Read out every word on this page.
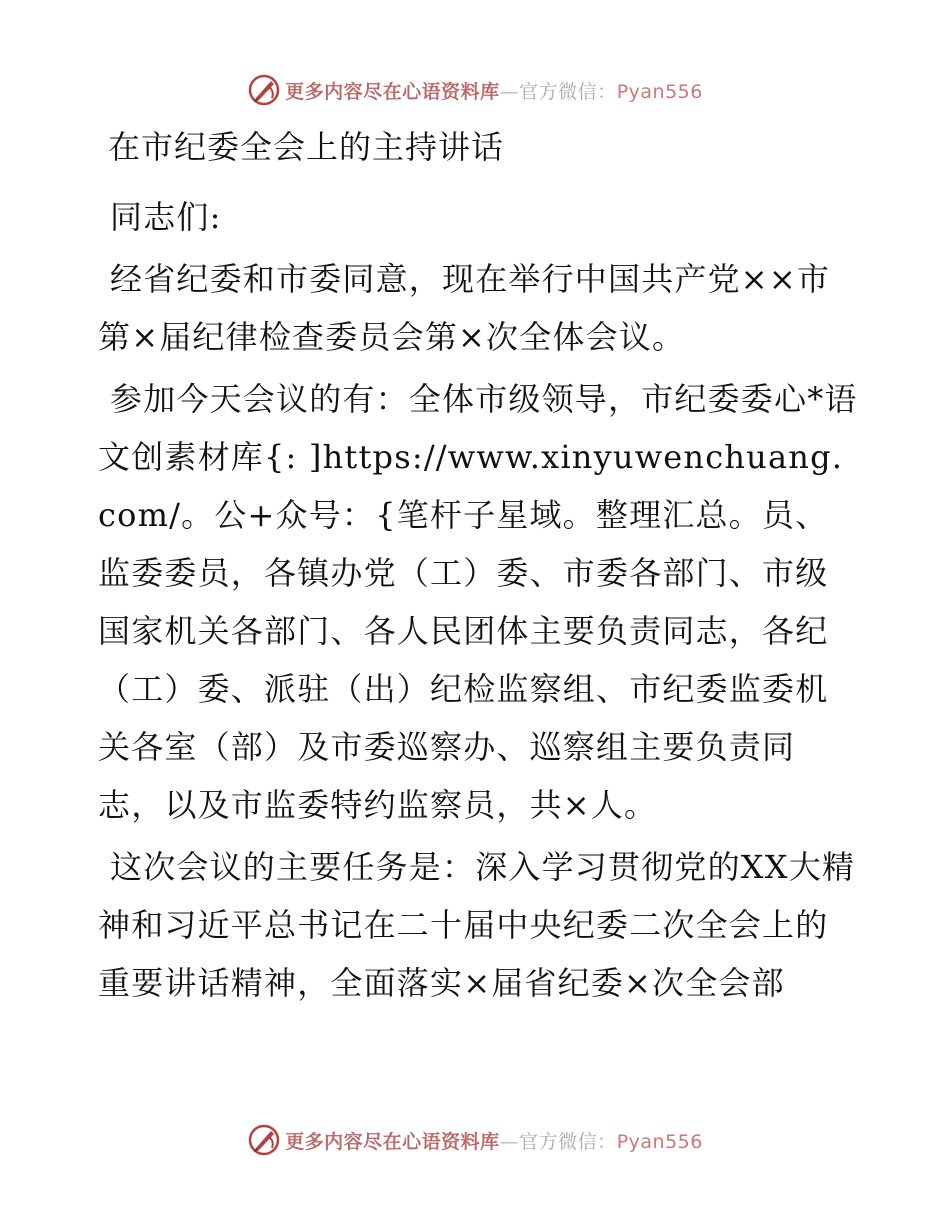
更多内容尽在心语资料库—官方微信：Pyan556
在市纪委全会上的主持讲话

同志们:

经省纪委和市委同意，现在举行中国共产党××市第×届纪律检查委员会第×次全体会议。

参加今天会议的有：全体市级领导，市纪委委心*语文创素材库{: ]https://www.xinyuwenchuang.com/。公+众号：{笔杆子星域。整理汇总。员、监委委员，各镇办党（工）委、市委各部门、市级国家机关各部门、各人民团体主要负责同志，各纪（工）委、派驻（出）纪检监察组、市纪委监委机关各室（部）及市委巡察办、巡察组主要负责同志，以及市监委特约监察员，共×人。

这次会议的主要任务是：深入学习贯彻党的XX大精神和习近平总书记在二十届中央纪委二次全会上的重要讲话精神，全面落实×届省纪委×次全会部

更多内容尽在心语资料库—官方微信：Pyan556
